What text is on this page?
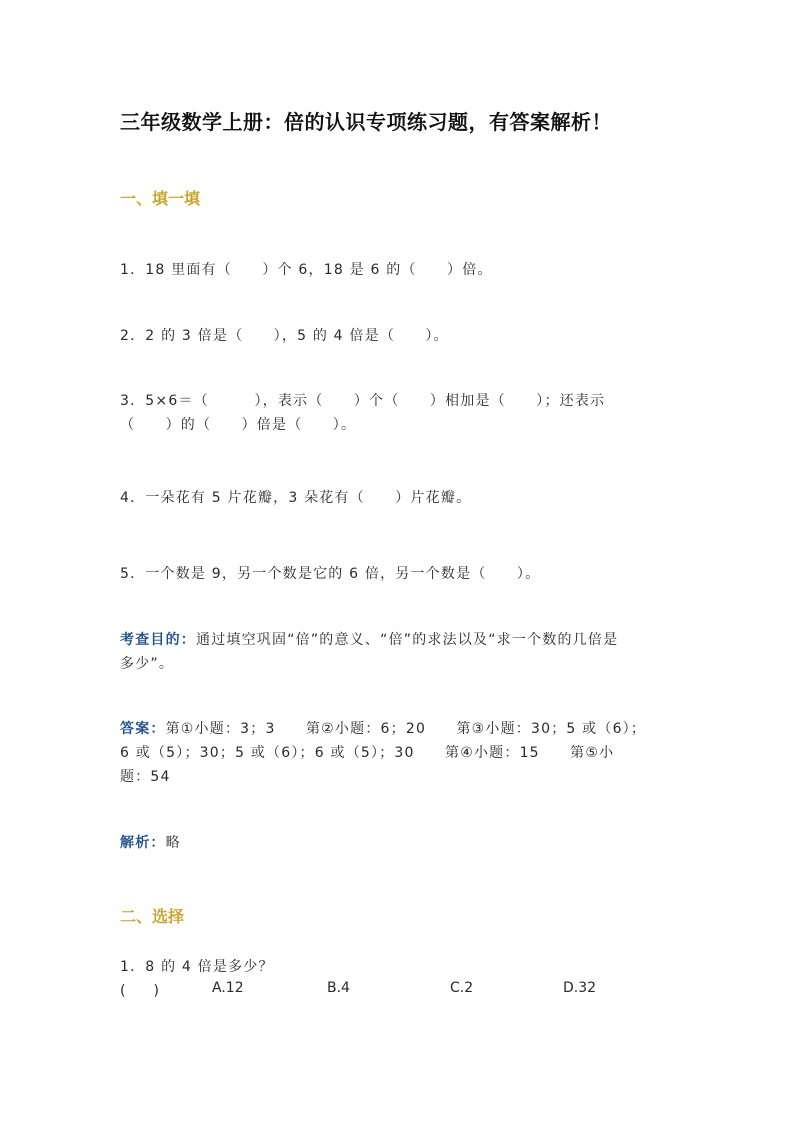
三年级数学上册：倍的认识专项练习题，有答案解析！
一、填一填
1．18 里面有（　　）个 6，18 是 6 的（　　）倍。
2．2 的 3 倍是（　　），5 的 4 倍是（　　）。
3．5×6＝（　　　），表示（　　）个（　　）相加是（　　）；还表示
（　　）的（　　）倍是（　　）。
4．一朵花有 5 片花瓣，3 朵花有（　　）片花瓣。
5．一个数是 9，另一个数是它的 6 倍，另一个数是（　　）。
考查目的：通过填空巩固“倍”的意义、“倍”的求法以及“求一个数的几倍是
多少”。
答案：第①小题：3；3　　第②小题：6；20　　第③小题：30；5 或（6）；
6 或（5）；30；5 或（6）；6 或（5）；30　　第④小题：15　　第⑤小
题：54
解析：略
二、选择
1．8 的 4 倍是多少？
(　　)	A.12	B.4	C.2	D.32
